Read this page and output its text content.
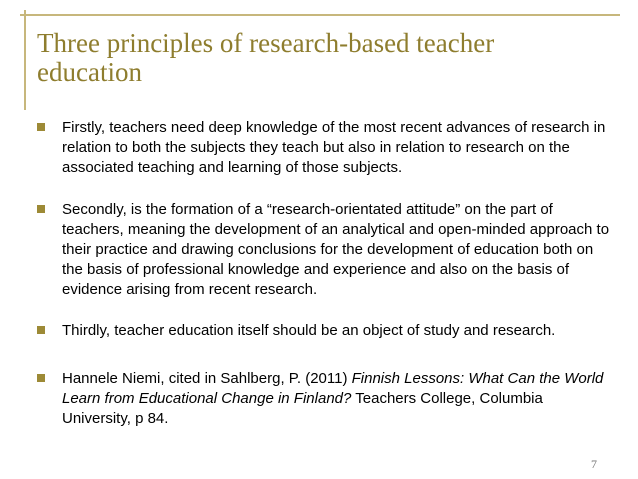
Three principles of research-based teacher
education
Firstly, teachers need deep knowledge of the most recent advances of research in relation to both the subjects they teach but also in relation to research on the associated teaching and learning of those subjects.
Secondly, is the formation of a “research-orientated attitude” on the part of teachers, meaning the development of an analytical and open-minded approach to their practice and drawing conclusions for the development of education both on the basis of professional knowledge and experience and also on the basis of evidence arising from recent research.
Thirdly, teacher education itself should be an object of study and research.
Hannele Niemi, cited in Sahlberg, P. (2011) Finnish Lessons: What Can the World Learn from Educational Change in Finland? Teachers College, Columbia University, p 84.
7
